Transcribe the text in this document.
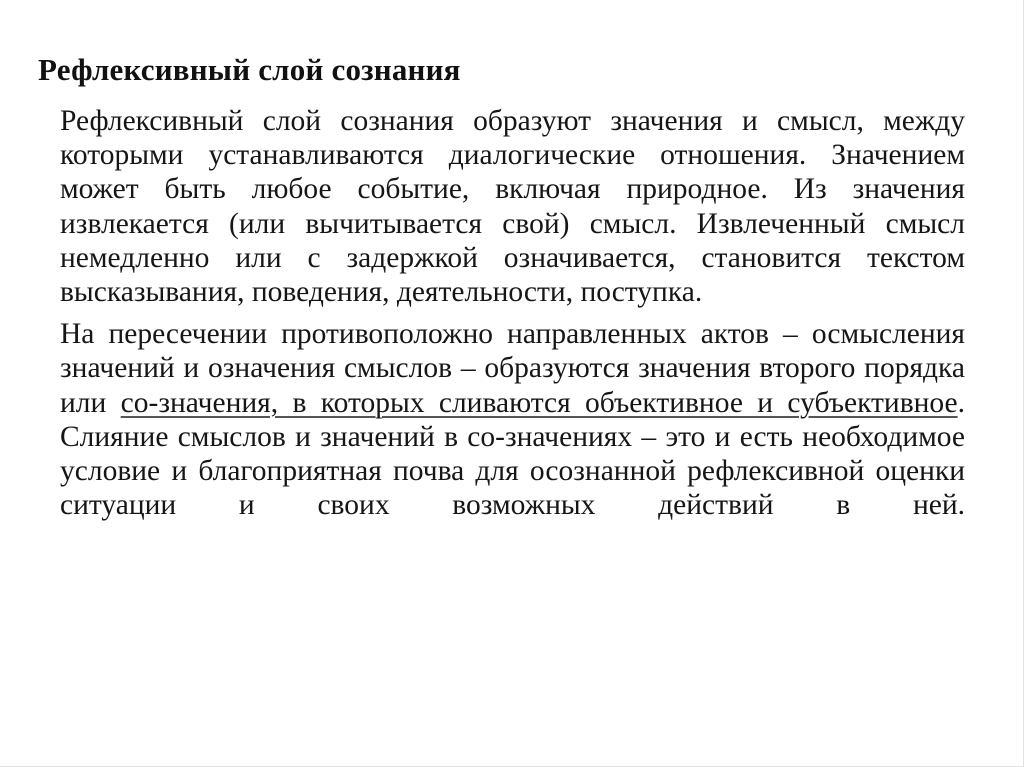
Рефлексивный слой сознания

Рефлексивный слой сознания образуют значения и смысл, между которыми устанавливаются диалогические отношения. Значением может быть любое событие, включая природное. Из значения извлекается (или вычитывается свой) смысл. Извлеченный смысл немедленно или с задержкой означивается, становится текстом высказывания, поведения, деятельности, поступка.

На пересечении противоположно направленных актов – осмысления значений и означения смыслов – образуются значения второго порядка или со-значения, в которых сливаются объективное и субъективное. Слияние смыслов и значений в со-значениях – это и есть необходимое условие и благоприятная почва для осознанной рефлексивной оценки ситуации и своих возможных действий в ней.
